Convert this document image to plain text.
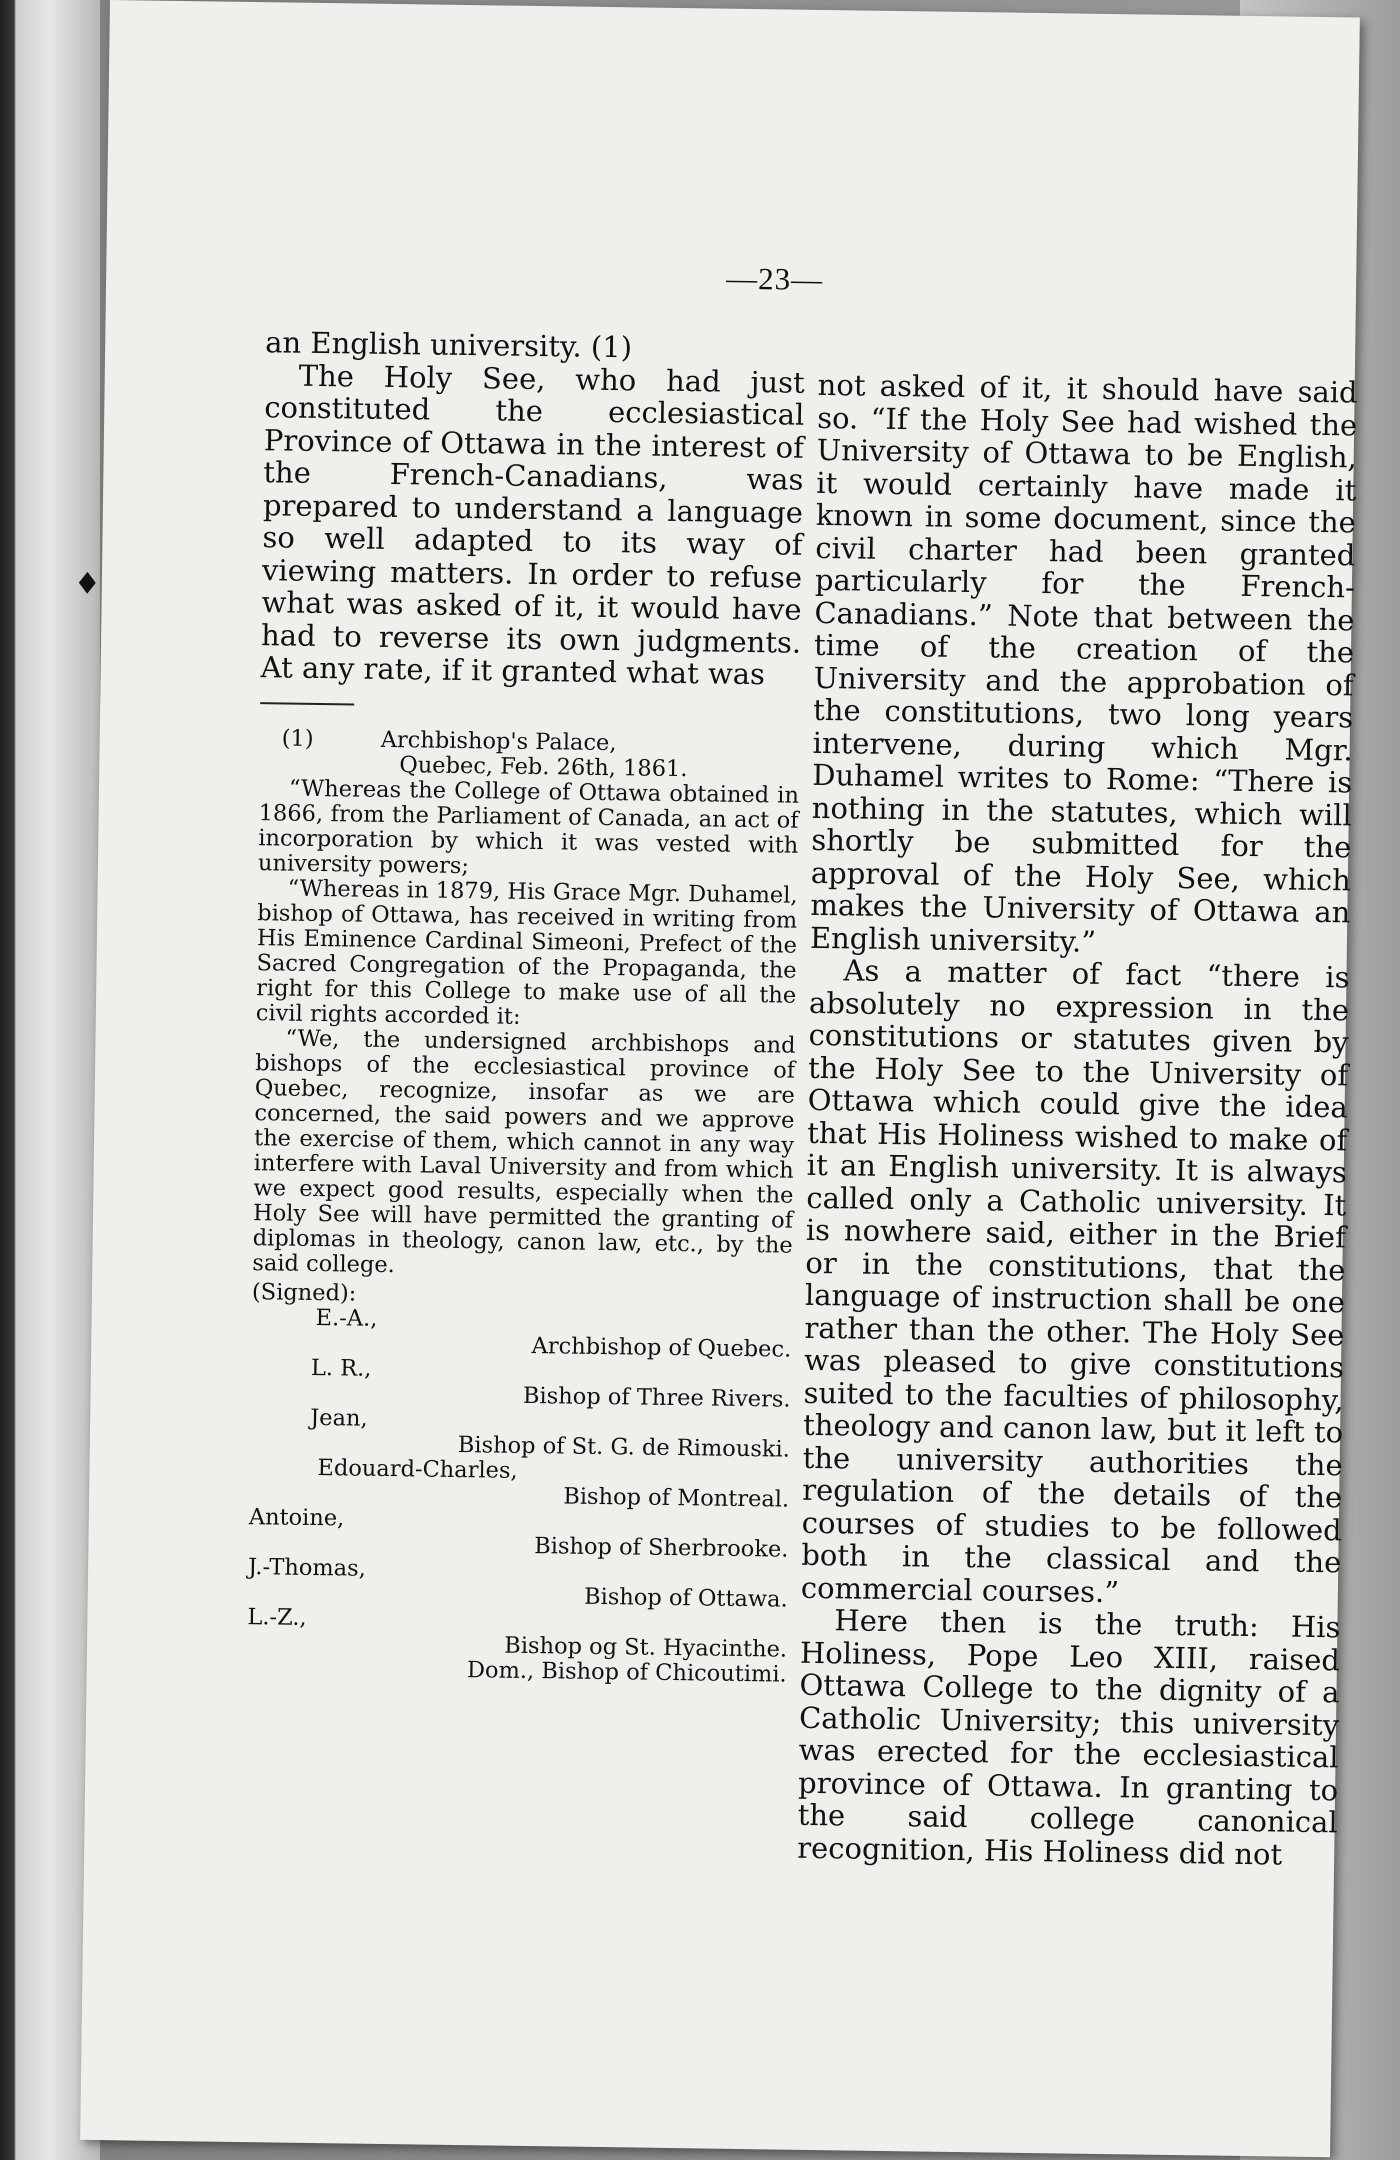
♦
—23—

an English university. (1)

The Holy See, who had just constituted the ecclesiastical Province of Ottawa in the interest of the French-Canadians, was prepared to understand a language so well adapted to its way of viewing matters. In order to refuse what was asked of it, it would have had to reverse its own judgments. At any rate, if it granted what was

(1)	Archbishop's Palace,
Quebec, Feb. 26th, 1861.

“Whereas the College of Ottawa obtained in 1866, from the Parliament of Canada, an act of incorporation by which it was vested with university powers;

“Whereas in 1879, His Grace Mgr. Duhamel, bishop of Ottawa, has received in writing from His Eminence Cardinal Simeoni, Prefect of the Sacred Congregation of the Propaganda, the right for this College to make use of all the civil rights accorded it:

“We, the undersigned archbishops and bishops of the ecclesiastical province of Quebec, recognize, insofar as we are concerned, the said powers and we approve the exercise of them, which cannot in any way interfere with Laval University and from which we expect good results, especially when the Holy See will have permitted the granting of diplomas in theology, canon law, etc., by the said college.

(Signed):

E.-A.,
Archbishop of Quebec.
L. R.,
Bishop of Three Rivers.
Jean,
Bishop of St. G. de Rimouski.
Edouard-Charles,
Bishop of Montreal.
Antoine,
Bishop of Sherbrooke.
J.-Thomas,
Bishop of Ottawa.
L.-Z.,
Bishop og St. Hyacinthe.
Dom., Bishop of Chicoutimi.

not asked of it, it should have said so. “If the Holy See had wished the University of Ottawa to be English, it would certainly have made it known in some document, since the civil charter had been granted particularly for the French-Canadians.” Note that between the time of the creation of the University and the approbation of the constitutions, two long years intervene, during which Mgr. Duhamel writes to Rome: “There is nothing in the statutes, which will shortly be submitted for the approval of the Holy See, which makes the University of Ottawa an English university.”

As a matter of fact “there is absolutely no expression in the constitutions or statutes given by the Holy See to the University of Ottawa which could give the idea that His Holiness wished to make of it an English university. It is always called only a Catholic university. It is nowhere said, either in the Brief or in the constitutions, that the language of instruction shall be one rather than the other. The Holy See was pleased to give constitutions suited to the faculties of philosophy, theology and canon law, but it left to the university authorities the regulation of the details of the courses of studies to be followed both in the classical and the commercial courses.”

Here then is the truth: His Holiness, Pope Leo XIII, raised Ottawa College to the dignity of a Catholic University; this university was erected for the ecclesiastical province of Ottawa. In granting to the said college canonical recognition, His Holiness did not
